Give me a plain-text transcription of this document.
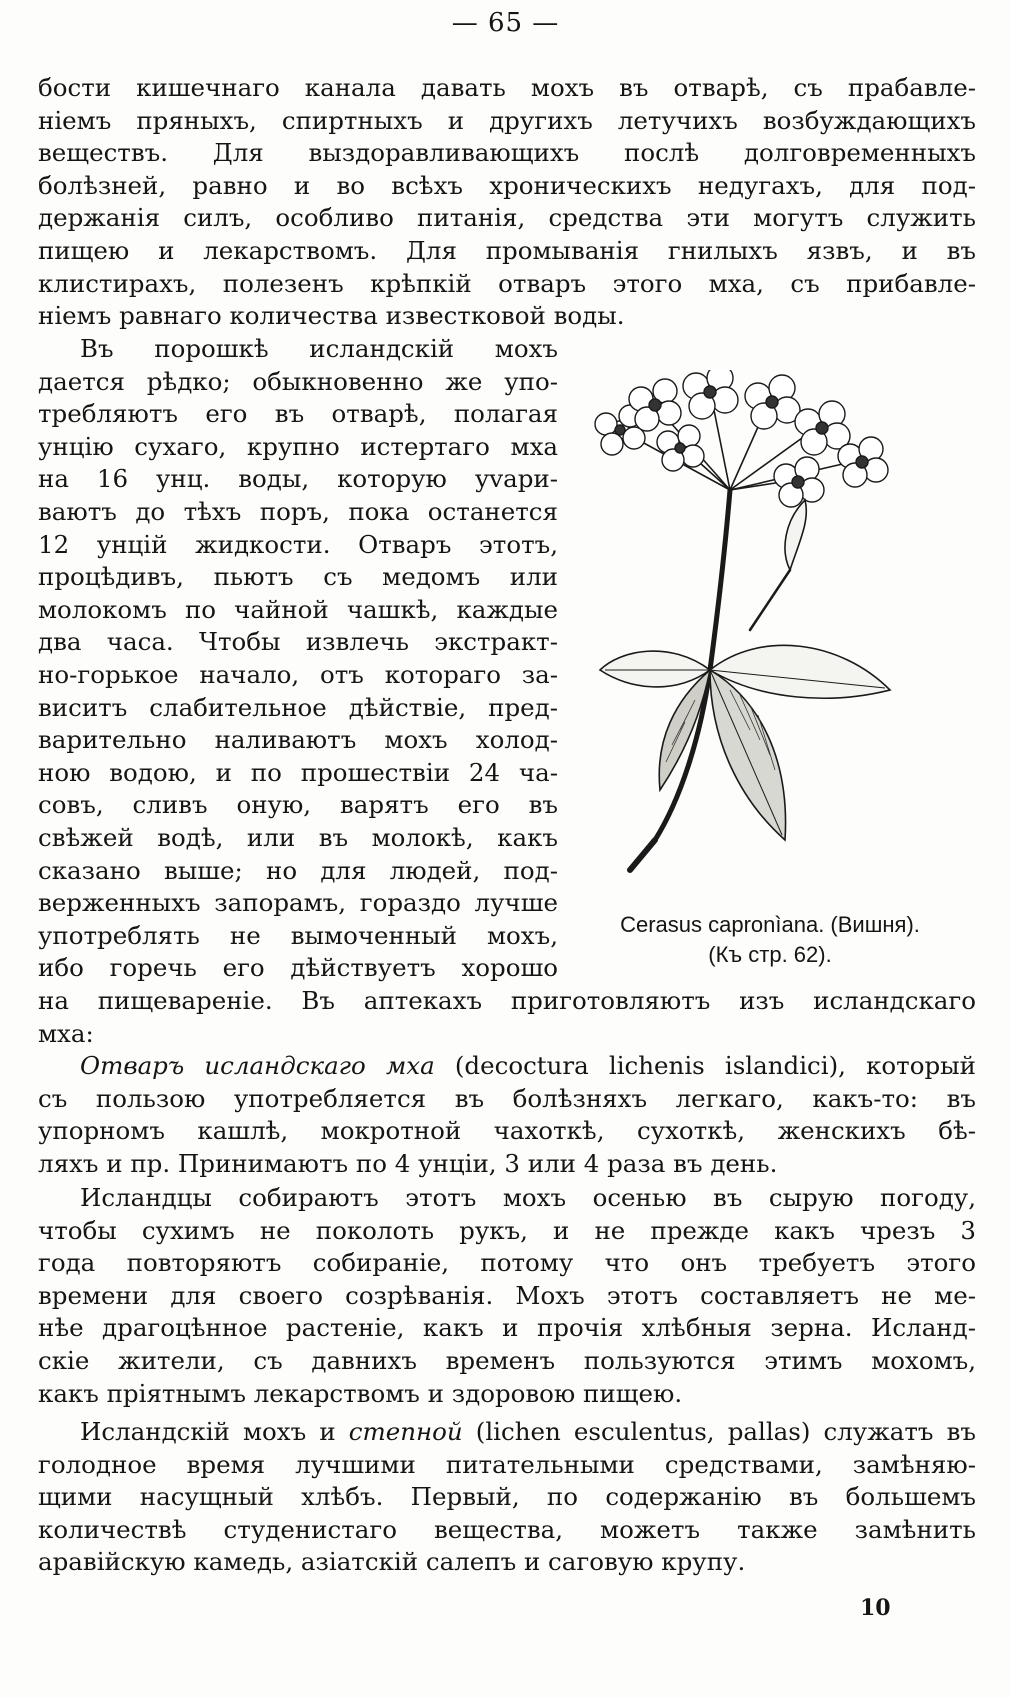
— 65 —
бости кишечнаго канала давать мохъ въ отварѣ, съ прабавле-
ніемъ пряныхъ, спиртныхъ и другихъ летучихъ возбуждающихъ
веществъ. Для выздоравливающихъ послѣ долговременныхъ
болѣзней, равно и во всѣхъ хроническихъ недугахъ, для под-
держанія силъ, особливо питанія, средства эти могутъ служить
пищею и лекарствомъ. Для промыванія гнилыхъ язвъ, и въ
клистирахъ, полезенъ крѣпкій отваръ этого мха, съ прибавле-
ніемъ равнаго количества известковой воды.
Въ порошкѣ исландскій мохъ
дается рѣдко; обыкновенно же упо-
требляютъ его въ отварѣ, полагая
унцію сухаго, крупно истертаго мха
на 16 унц. воды, которую уvари-
ваютъ до тѣхъ поръ, пока останется
12 унцій жидкости. Отваръ этотъ,
процѣдивъ, пьютъ съ медомъ или
молокомъ по чайной чашкѣ, каждые
два часа. Чтобы извлечь экстракт-
но-горькое начало, отъ котораго за-
виситъ слабительное дѣйствіе, пред-
варительно наливаютъ мохъ холод-
ною водою, и по прошествіи 24 ча-
совъ, сливъ оную, варятъ его въ
свѣжей водѣ, или въ молокѣ, какъ
сказано выше; но для людей, под-
верженныхъ запорамъ, гораздо лучше
употреблять не вымоченный мохъ,
ибо горечь его дѣйствуетъ хорошо
Cerasus capronìana. (Вишня).
(Къ стр. 62).
на пищевареніе. Въ аптекахъ приготовляютъ изъ исландскаго
мха:
Отваръ исландскаго мха (decoctura lichenis islandici), который
съ пользою употребляется въ болѣзняхъ легкаго, какъ-то: въ
упорномъ кашлѣ, мокротной чахоткѣ, сухоткѣ, женскихъ бѣ-
ляхъ и пр. Принимаютъ по 4 унціи, 3 или 4 раза въ день.
Исландцы собираютъ этотъ мохъ осенью въ сырую погоду,
чтобы сухимъ не поколоть рукъ, и не прежде какъ чрезъ 3
года повторяютъ собираніе, потому что онъ требуетъ этого
времени для своего созрѣванія. Мохъ этотъ составляетъ не ме-
нѣе драгоцѣнное растеніе, какъ и прочія хлѣбныя зерна. Исланд-
скіе жители, съ давнихъ временъ пользуются этимъ мохомъ,
какъ пріятнымъ лекарствомъ и здоровою пищею.
Исландскій мохъ и степной (lichen esculentus, pallas) служатъ въ
голодное время лучшими питательными средствами, замѣняю-
щими насущный хлѣбъ. Первый, по содержанію въ большемъ
количествѣ студенистаго вещества, можетъ также замѣнить
аравійскую камедь, азіатскій салепъ и саговую крупу.
10
